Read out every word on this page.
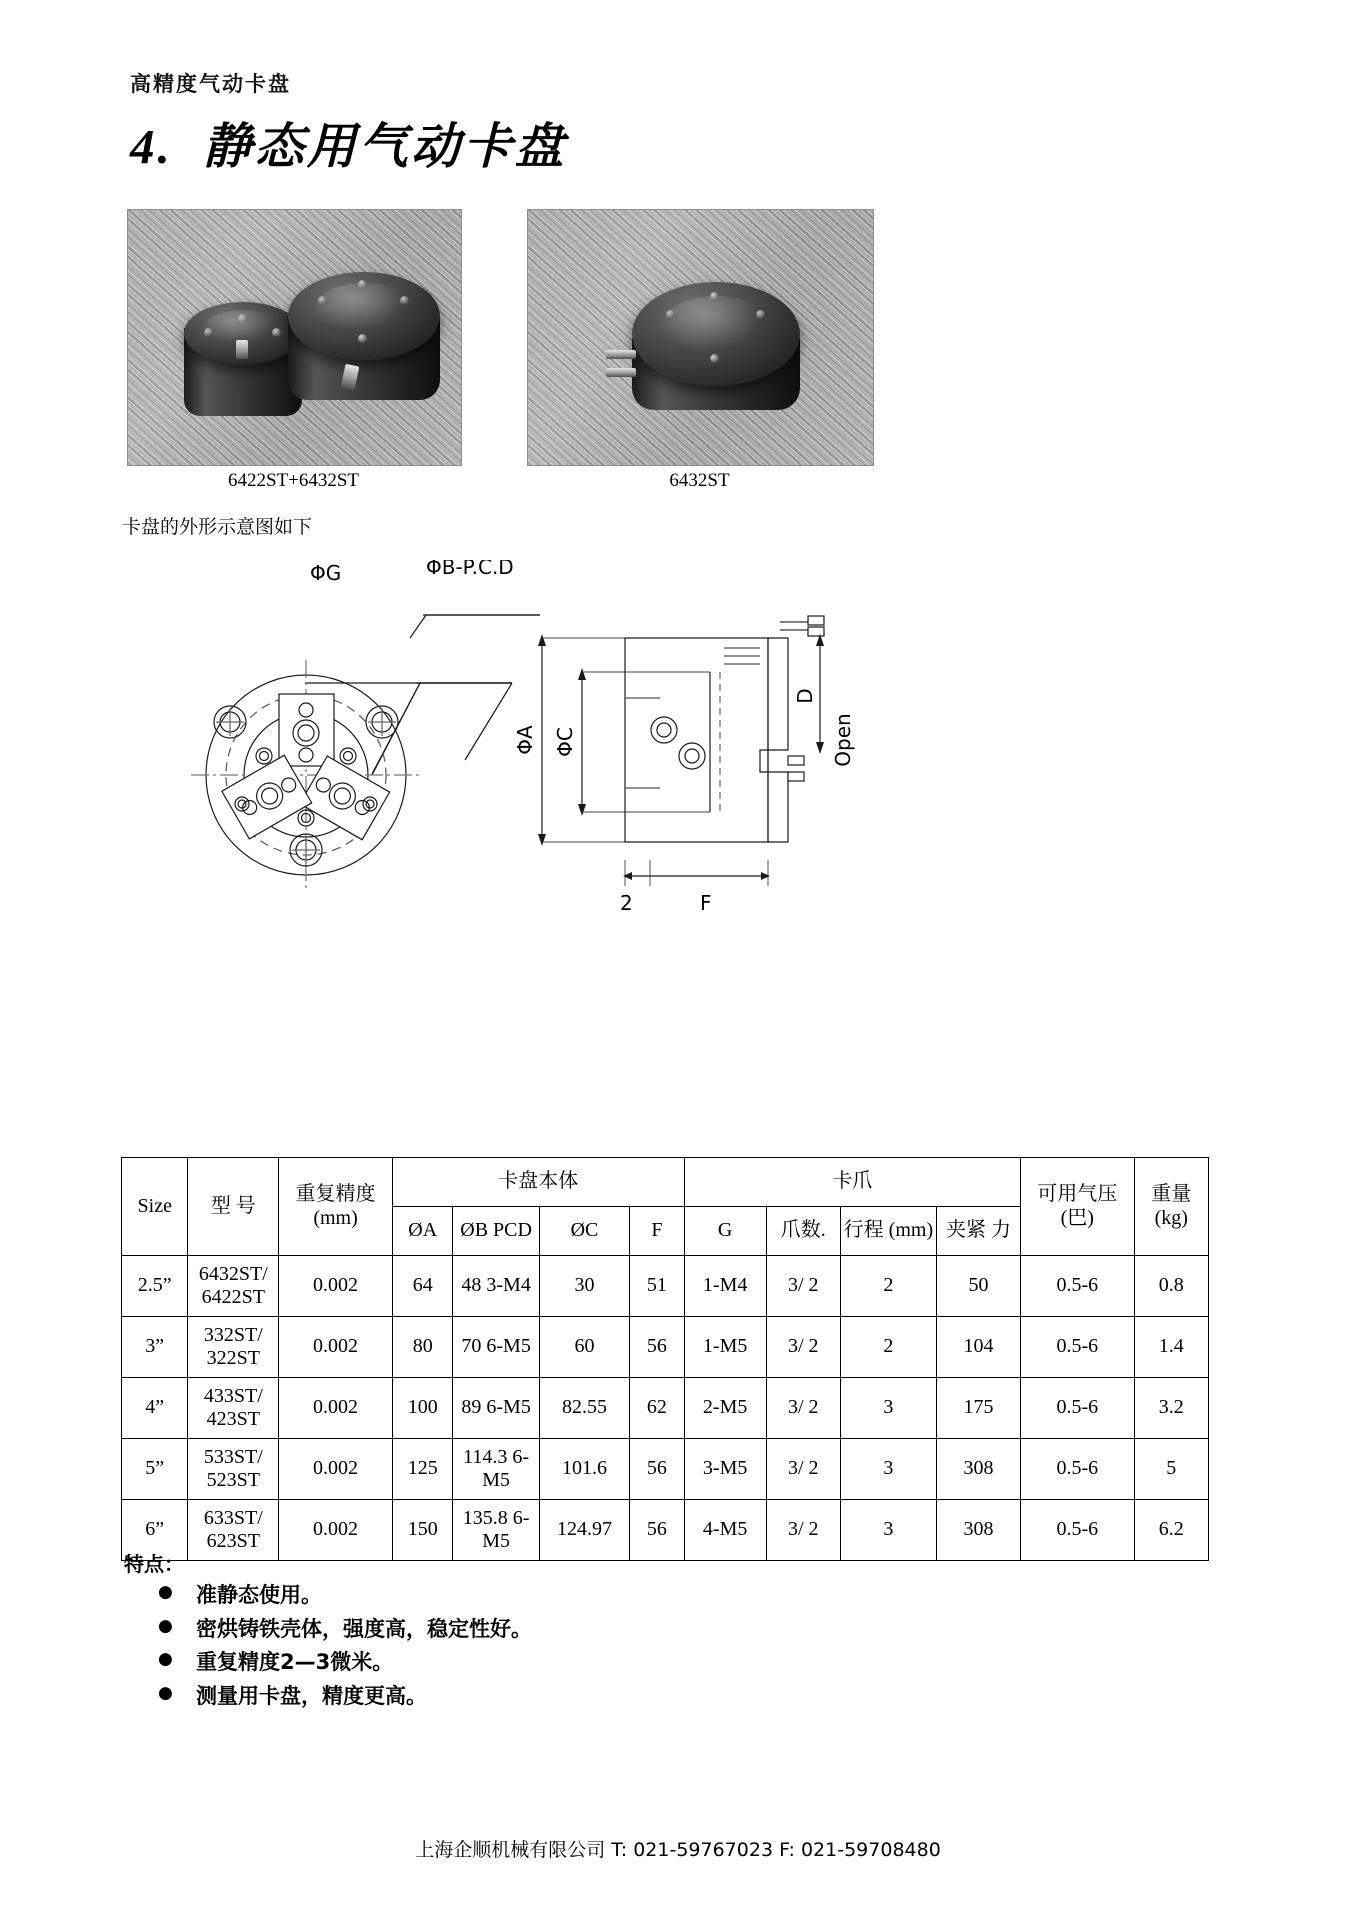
高精度气动卡盘
4. 静态用气动卡盘
6422ST+6432ST	6432ST
卡盘的外形示意图如下
ΦG	ΦB-P.C.D
ΦA ΦC
D
Open
2	F
Size	型 号	重复精度 (mm)	卡盘本体				卡爪				可用气压 (巴)	重量 (kg)
			ØA	ØB PCD	ØC	F	G	爪数.	行程 (mm)	夹紧 力		
2.5”	6432ST/ 6422ST	0.002	64	48 3-M4	30	51	1-M4	3/ 2	2	50	0.5-6	0.8
3”	332ST/ 322ST	0.002	80	70 6-M5	60	56	1-M5	3/ 2	2	104	0.5-6	1.4
4”	433ST/ 423ST	0.002	100	89 6-M5	82.55	62	2-M5	3/ 2	3	175	0.5-6	3.2
5”	533ST/ 523ST	0.002	125	114.3 6-M5	101.6	56	3-M5	3/ 2	3	308	0.5-6	5
6”	633ST/ 623ST	0.002	150	135.8 6-M5	124.97	56	4-M5	3/ 2	3	308	0.5-6	6.2
特点：
● 准静态使用。
● 密烘铸铁壳体，强度高，稳定性好。
● 重复精度2—3微米。
● 测量用卡盘，精度更高。
上海企顺机械有限公司 T: 021-59767023 F: 021-59708480
